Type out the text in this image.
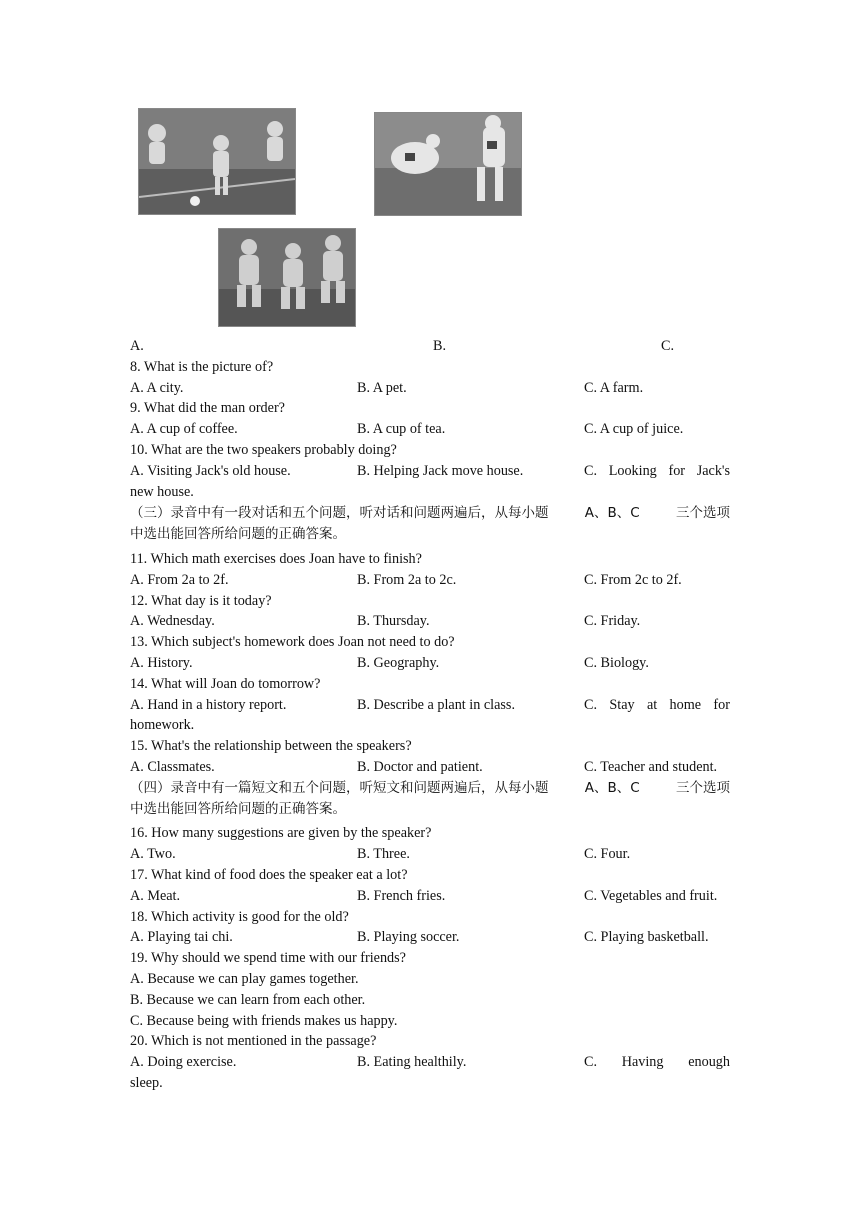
A.	B.	C.
8. What is the picture of?
A. A city.	B. A pet.	C. A farm.
9. What did the man order?
A. A cup of coffee.	B. A cup of tea.	C. A cup of juice.
10. What are the two speakers probably doing?
A. Visiting Jack's old house.	B. Helping Jack move house.	C. Looking for Jack's
new house.
（三）录音中有一段对话和五个问题，听对话和问题两遍后，从每小题	A、B、C	三个选项
中选出能回答所给问题的正确答案。
11. Which math exercises does Joan have to finish?
A. From 2a to 2f.	B. From 2a to 2c.	C. From 2c to 2f.
12. What day is it today?
A. Wednesday.	B. Thursday.	C. Friday.
13. Which subject's homework does Joan not need to do?
A. History.	B. Geography.	C. Biology.
14. What will Joan do tomorrow?
A. Hand in a history report.	B. Describe a plant in class.	C. Stay at home for
homework.
15. What's the relationship between the speakers?
A. Classmates.	B. Doctor and patient.	C. Teacher and student.
（四）录音中有一篇短文和五个问题，听短文和问题两遍后，从每小题	A、B、C	三个选项
中选出能回答所给问题的正确答案。
16. How many suggestions are given by the speaker?
A. Two.	B. Three.	C. Four.
17. What kind of food does the speaker eat a lot?
A. Meat.	B. French fries.	C. Vegetables and fruit.
18. Which activity is good for the old?
A. Playing tai chi.	B. Playing soccer.	C. Playing basketball.
19. Why should we spend time with our friends?
A. Because we can play games together.
B. Because we can learn from each other.
C. Because being with friends makes us happy.
20. Which is not mentioned in the passage?
A. Doing exercise.	B. Eating healthily.	C. Having enough
sleep.
